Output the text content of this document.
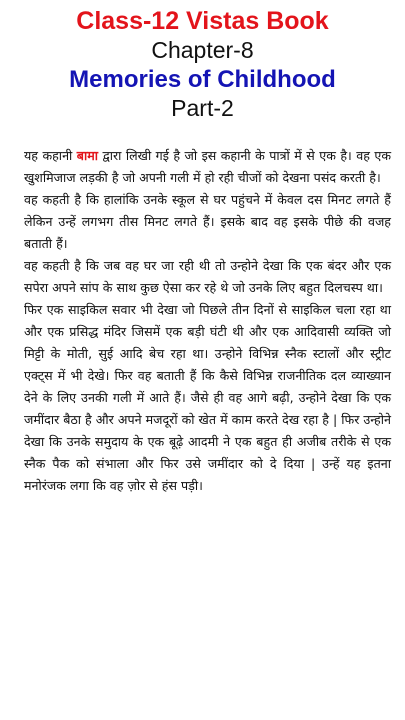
Class-12 Vistas Book
Chapter-8
Memories of Childhood
Part-2

यह कहानी बामा द्वारा लिखी गई है जो इस कहानी के पात्रों में से एक है। वह एक खुशमिजाज लड़की है जो अपनी गली में हो रही चीजों को देखना पसंद करती है।

वह कहती है कि हालांकि उनके स्कूल से घर पहुंचने में केवल दस मिनट लगते हैं लेकिन उन्हें लगभग तीस मिनट लगते हैं। इसके बाद वह इसके पीछे की वजह बताती हैं।

वह कहती है कि जब वह घर जा रही थी तो उन्होने देखा कि एक बंदर और एक सपेरा अपने सांप के साथ कुछ ऐसा कर रहे थे जो उनके लिए बहुत दिलचस्प था।

फिर एक साइकिल सवार भी देखा जो पिछले तीन दिनों से साइकिल चला रहा था और एक प्रसिद्ध मंदिर जिसमें एक बड़ी घंटी थी और एक आदिवासी व्यक्ति जो मिट्टी के मोती, सुई आदि बेच रहा था। उन्होने विभिन्न स्नैक स्टालों और स्ट्रीट एक्ट्स में भी देखे। फिर वह बताती हैं कि कैसे विभिन्न राजनीतिक दल व्याख्यान देने के लिए उनकी गली में आते हैं। जैसे ही वह आगे बढ़ी, उन्होने देखा कि एक जमींदार बैठा है और अपने मजदूरों को खेत में काम करते देख रहा है | फिर उन्होने देखा कि उनके समुदाय के एक बूढ़े आदमी ने एक बहुत ही अजीब तरीके से एक स्नैक पैक को संभाला और फिर उसे जमींदार को दे दिया | उन्हें यह इतना मनोरंजक लगा कि वह ज़ोर से हंस पड़ी।
